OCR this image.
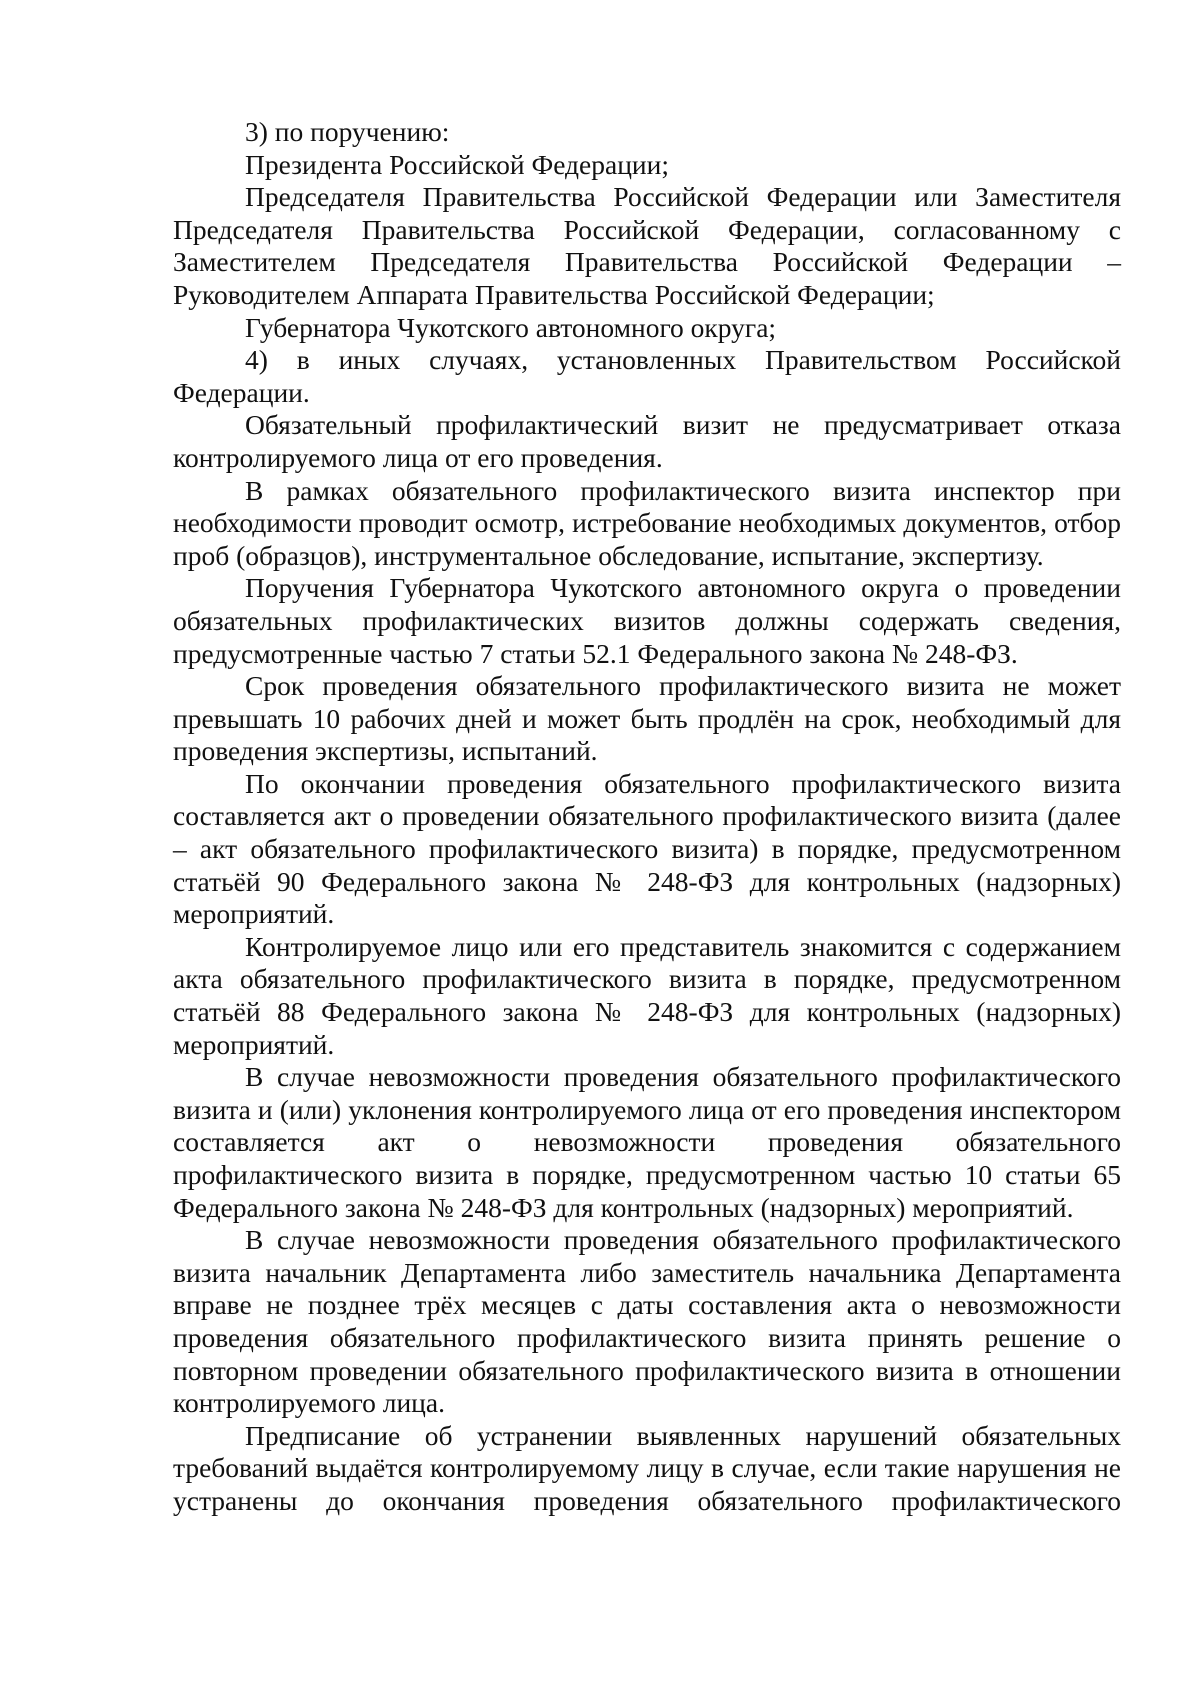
3) по поручению:

Президента Российской Федерации;

Председателя Правительства Российской Федерации или Заместителя Председателя Правительства Российской Федерации, согласованному с Заместителем Председателя Правительства Российской Федерации – Руководителем Аппарата Правительства Российской Федерации;

Губернатора Чукотского автономного округа;

4) в иных случаях, установленных Правительством Российской Федерации.

Обязательный профилактический визит не предусматривает отказа контролируемого лица от его проведения.

В рамках обязательного профилактического визита инспектор при необходимости проводит осмотр, истребование необходимых документов, отбор проб (образцов), инструментальное обследование, испытание, экспертизу.

Поручения Губернатора Чукотского автономного округа о проведении обязательных профилактических визитов должны содержать сведения, предусмотренные частью 7 статьи 52.1 Федерального закона № 248-ФЗ.

Срок проведения обязательного профилактического визита не может превышать 10 рабочих дней и может быть продлён на срок, необходимый для проведения экспертизы, испытаний.

По окончании проведения обязательного профилактического визита составляется акт о проведении обязательного профилактического визита (далее – акт обязательного профилактического визита) в порядке, предусмотренном статьёй 90 Федерального закона № 248-ФЗ для контрольных (надзорных) мероприятий.

Контролируемое лицо или его представитель знакомится с содержанием акта обязательного профилактического визита в порядке, предусмотренном статьёй 88 Федерального закона № 248-ФЗ для контрольных (надзорных) мероприятий.

В случае невозможности проведения обязательного профилактического визита и (или) уклонения контролируемого лица от его проведения инспектором составляется акт о невозможности проведения обязательного профилактического визита в порядке, предусмотренном частью 10 статьи 65 Федерального закона № 248-ФЗ для контрольных (надзорных) мероприятий.

В случае невозможности проведения обязательного профилактического визита начальник Департамента либо заместитель начальника Департамента вправе не позднее трёх месяцев с даты составления акта о невозможности проведения обязательного профилактического визита принять решение о повторном проведении обязательного профилактического визита в отношении контролируемого лица.

Предписание об устранении выявленных нарушений обязательных требований выдаётся контролируемому лицу в случае, если такие нарушения не устранены до окончания проведения обязательного профилактического
